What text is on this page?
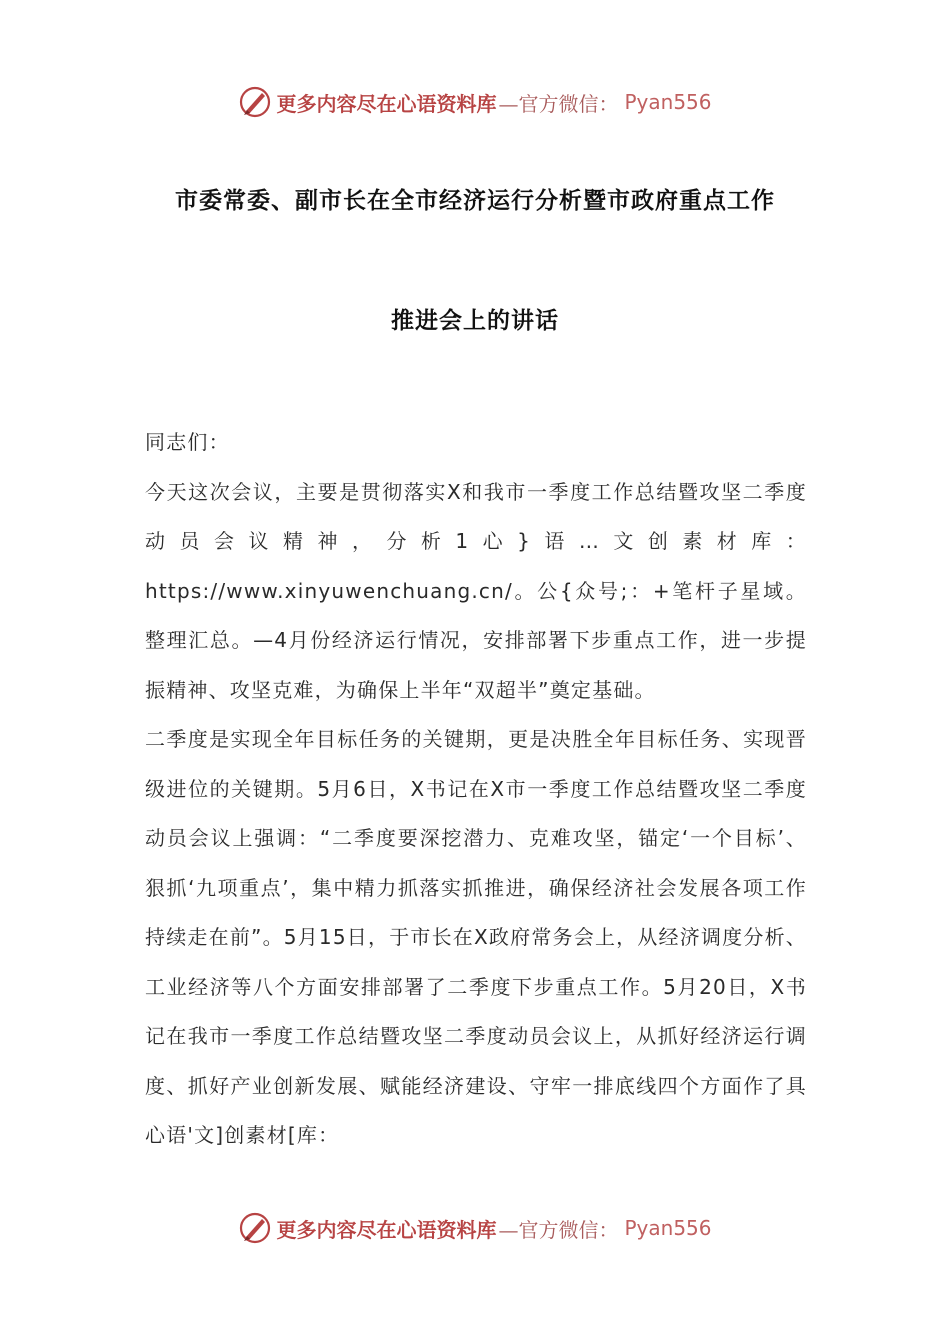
更多内容尽在心语资料库 —官方微信： Pyan556
市委常委、副市长在全市经济运行分析暨市政府重点工作
推进会上的讲话

同志们：

今天这次会议，主要是贯彻落实X和我市一季度工作总结暨攻坚二季度动员会议精神，分析1心}语…文创素材库：https://www.xinyuwenchuang.cn/。公{众号;：+笔杆子星域。整理汇总。—4月份经济运行情况，安排部署下步重点工作，进一步提振精神、攻坚克难，为确保上半年“双超半”奠定基础。

二季度是实现全年目标任务的关键期，更是决胜全年目标任务、实现晋级进位的关键期。5月6日，X书记在X市一季度工作总结暨攻坚二季度动员会议上强调：“二季度要深挖潜力、克难攻坚，锚定‘一个目标’、狠抓‘九项重点’，集中精力抓落实抓推进，确保经济社会发展各项工作持续走在前”。5月15日，于市长在X政府常务会上，从经济调度分析、工业经济等八个方面安排部署了二季度下步重点工作。5月20日，X书记在我市一季度工作总结暨攻坚二季度动员会议上，从抓好经济运行调度、抓好产业创新发展、赋能经济建设、守牢一排底线四个方面作了具心语'文]创素材[库：

更多内容尽在心语资料库 —官方微信： Pyan556
